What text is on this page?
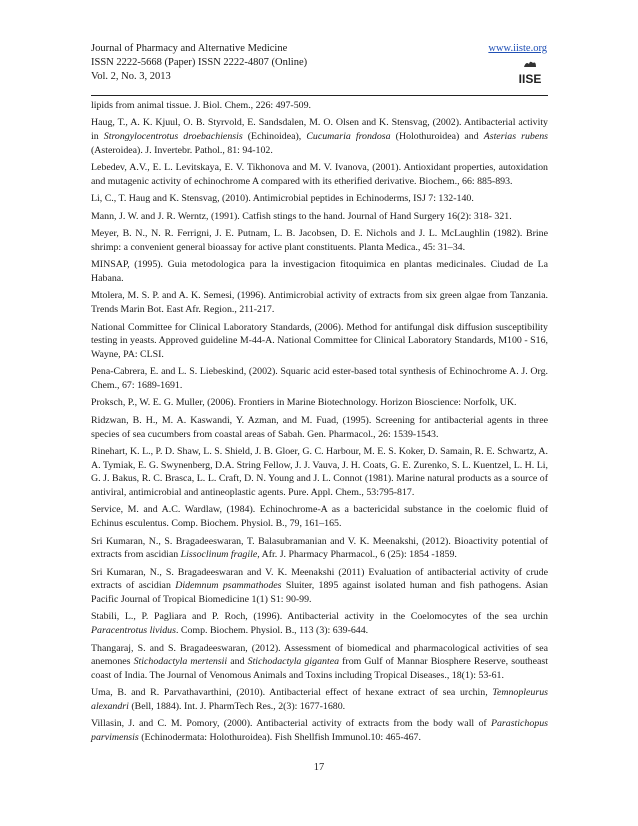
Journal of Pharmacy and Alternative Medicine
ISSN 2222-5668 (Paper) ISSN 2222-4807 (Online)
Vol. 2, No. 3, 2013
www.iiste.org
IISE

lipids from animal tissue. J. Biol. Chem., 226: 497-509.

Haug, T., A. K. Kjuul, O. B. Styrvold, E. Sandsdalen, M. O. Olsen and K. Stensvag, (2002). Antibacterial activity in Strongylocentrotus droebachiensis (Echinoidea), Cucumaria frondosa (Holothuroidea) and Asterias rubens (Asteroidea). J. Invertebr. Pathol., 81: 94-102.

Lebedev, A.V., E. L. Levitskaya, E. V. Tikhonova and M. V. Ivanova, (2001). Antioxidant properties, autoxidation and mutagenic activity of echinochrome A compared with its etherified derivative. Biochem., 66: 885-893.

Li, C., T. Haug and K. Stensvag, (2010). Antimicrobial peptides in Echinoderms, ISJ 7: 132-140.

Mann, J. W. and J. R. Werntz, (1991). Catfish stings to the hand. Journal of Hand Surgery 16(2): 318- 321.

Meyer, B. N., N. R. Ferrigni, J. E. Putnam, L. B. Jacobsen, D. E. Nichols and J. L. McLaughlin (1982). Brine shrimp: a convenient general bioassay for active plant constituents. Planta Medica., 45: 31–34.

MINSAP, (1995). Guia metodologica para la investigacion fitoquimica en plantas medicinales. Ciudad de La Habana.

Mtolera, M. S. P. and A. K. Semesi, (1996). Antimicrobial activity of extracts from six green algae from Tanzania. Trends Marin Bot. East Afr. Region., 211-217.

National Committee for Clinical Laboratory Standards, (2006). Method for antifungal disk diffusion susceptibility testing in yeasts. Approved guideline M-44-A. National Committee for Clinical Laboratory Standards, M100 - S16, Wayne, PA: CLSI.

Pena-Cabrera, E. and L. S. Liebeskind, (2002). Squaric acid ester-based total synthesis of Echinochrome A. J. Org. Chem., 67: 1689-1691.

Proksch, P., W. E. G. Muller, (2006). Frontiers in Marine Biotechnology. Horizon Bioscience: Norfolk, UK.

Ridzwan, B. H., M. A. Kaswandi, Y. Azman, and M. Fuad, (1995). Screening for antibacterial agents in three species of sea cucumbers from coastal areas of Sabah. Gen. Pharmacol., 26: 1539-1543.

Rinehart, K. L., P. D. Shaw, L. S. Shield, J. B. Gloer, G. C. Harbour, M. E. S. Koker, D. Samain, R. E. Schwartz, A. A. Tymiak, E. G. Swynenberg, D.A. String Fellow, J. J. Vauva, J. H. Coats, G. E. Zurenko, S. L. Kuentzel, L. H. Li, G. J. Bakus, R. C. Brasca, L. L. Craft, D. N. Young and J. L. Connot (1981). Marine natural products as a source of antiviral, antimicrobial and antineoplastic agents. Pure. Appl. Chem., 53:795-817.

Service, M. and A.C. Wardlaw, (1984). Echinochrome-A as a bactericidal substance in the coelomic fluid of Echinus esculentus. Comp. Biochem. Physiol. B., 79, 161–165.

Sri Kumaran, N., S. Bragadeeswaran, T. Balasubramanian and V. K. Meenakshi, (2012). Bioactivity potential of extracts from ascidian Lissoclinum fragile, Afr. J. Pharmacy Pharmacol., 6 (25): 1854 -1859.

Sri Kumaran, N., S. Bragadeeswaran and V. K. Meenakshi (2011) Evaluation of antibacterial activity of crude extracts of ascidian Didemnum psammathodes Sluiter, 1895 against isolated human and fish pathogens. Asian Pacific Journal of Tropical Biomedicine 1(1) S1: 90-99.

Stabili, L., P. Pagliara and P. Roch, (1996). Antibacterial activity in the Coelomocytes of the sea urchin Paracentrotus lividus. Comp. Biochem. Physiol. B., 113 (3): 639-644.

Thangaraj, S. and S. Bragadeeswaran, (2012). Assessment of biomedical and pharmacological activities of sea anemones Stichodactyla mertensii and Stichodactyla gigantea from Gulf of Mannar Biosphere Reserve, southeast coast of India. The Journal of Venomous Animals and Toxins including Tropical Diseases., 18(1): 53-61.

Uma, B. and R. Parvathavarthini, (2010). Antibacterial effect of hexane extract of sea urchin, Temnopleurus alexandri (Bell, 1884). Int. J. PharmTech Res., 2(3): 1677-1680.

Villasin, J. and C. M. Pomory, (2000). Antibacterial activity of extracts from the body wall of Parastichopus parvimensis (Echinodermata: Holothuroidea). Fish Shellfish Immunol.10: 465-467.

17
